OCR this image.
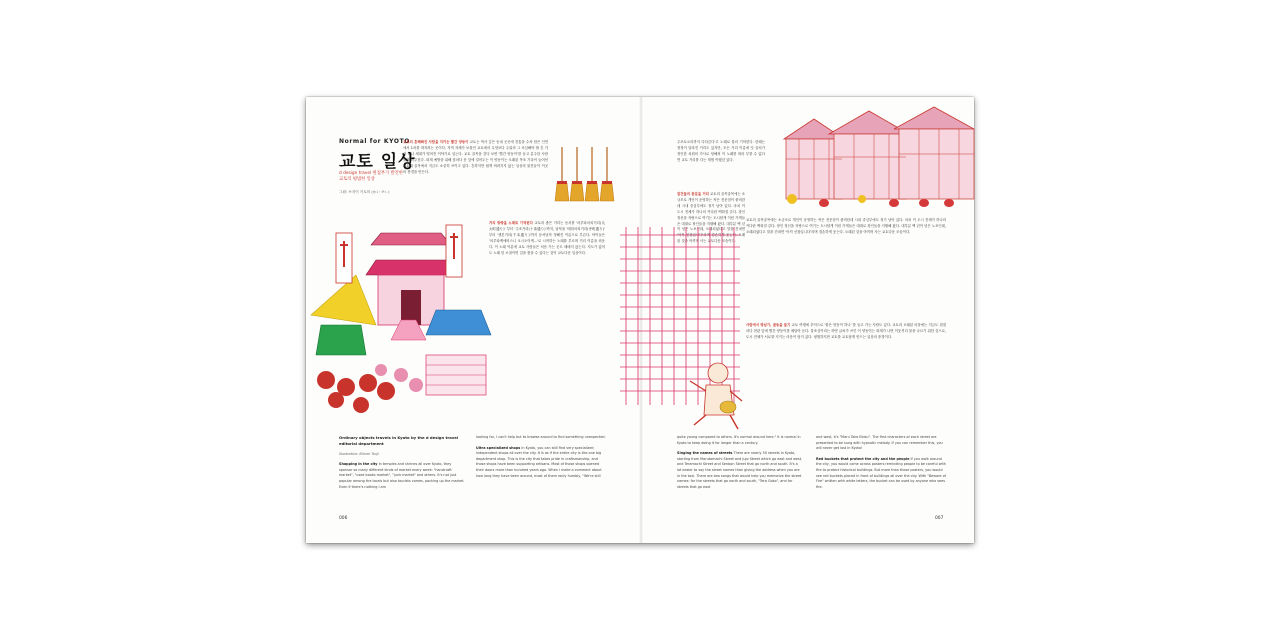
Normal for KYOTO
교토 일상
d design travel 편집부가 발견한 교토의 평범한 일상
그림: 쓰지이 키토미 (かい 쓰ㄴ)
교토의 흔해빠진 사람을 지키는 빨간 양동이 교토는 역사 깊은 동네 곳곳에 전통을 수차 담은 인연에서 1차를 따지려는 곳이다. 지역 자세가 보물인 교토에서 무엇보다 주위의 그 조심해야 할 흔 가락 하나 세대가 떨어진 이야기로 입는다. 교토 골목을 걷다 보면 '빨간 양동이'를 들고 분주한 사람들과 마주친다. 화재 예방을 위해 집마다 문 앞에 걸어두는 이 양동이는 오래된 목조 가옥이 늘어선 교토의 골목에서 지금도 소중히 쓰이고 있다. 흔하지만 쉽게 버려지지 않는 일상의 물건들이 이곳의 풍경을 만든다.
거리 방방을 노래로 기억한다 교토의 좁은 거리는 동서를 '마루타마치거리(丸太町通り)' 부터 '주조거리(十条通り)'까지, 남북을 '테라마치거리(寺町通り)' 부터 '센본거리(千本通り)'까지 동서남북 정해진 이름으로 부른다. 아이들은 '마루타케에비스니 오시오이케...'로 시작하는 노래를 부르며 거리 이름을 외운다. 이 노래 덕분에 교토 사람들은 처음 가는 곳도 헤매지 않는다. 지도가 없어도 노래 한 소절이면 길을 찾을 수 있다는 것이 교토다운 일상이다.
Ordinary objects travels in Kyoto by the d design travel editorial department
Illustration: Kitomi Tsuji
Shopping in the city In temples and shrines all over Kyoto, they sponsor so many different kinds of market every week: "handcraft market", "used books market", "junk market" and others. It's not just popular among the locals but also tourists comes, packing up the market. Even if there's nothing I am
looking for, I can't help but to browse around to find something unexpected.
Ultra specialized shops In Kyoto, you can still find very specialized independent shops all over the city. It is as if the entire city is like one big department shop. This is the city that takes pride in craftsmanship, and those shops have been supporting artisans. Most of those shops opened their doors more than hundred years ago. When I make a comment about how long they have been around, most of them reply humbly, "We're still
006
주조토오리까지 다다른다'고 노래로 불러 기억한다. 한때는 정정이 달라진 거리도 있지만, 모든 거리 이름에 잇 골처가 정인한 치원의 가사로 당해져 이 노래를 따라 부를 수 없다면 교토 거리를 다는 재범 이랬던 있다.
잠건들의 완분을 거리 교토의 골목골목에는 소규모로 개인이 운영하는 작은 전문점이 줄비한데 시내 중심부에도 정기 남아 있다. 마치 이 도시 전체가 하나의 커다란 백화점 같다. 장인 정신을 자랑으로 여기는 도시답게 이런 가게들은 대대로 장인들을 지탱해 왔다. 대부분 백 년이 넘은 노포인데, 오래되었다고 말을 건네면 '아직 신참입니다'라며 겸손하게 웃는다. 오래된 것을 아끼며 사는 교토다운 모습이다.
교토의 골목골목에는 소규모로 개인이 운영하는 작은 전문점이 줄비한데 시내 중심부에도 정기 남아 있다. 마치 이 도시 전체가 하나의 커다란 백화점 같다. 장인 정신을 자랑으로 여기는 도시답게 이런 가게들은 대대로 장인들을 지탱해 왔다. 대부분 백 년이 넘은 노포인데, 오래되었다고 말을 건네면 '아직 신참입니다'라며 겸손하게 웃는다. 오래된 것을 아끼며 사는 교토다운 모습이다.
사람에서 방남기, 골동을 들기 교토 여행에 추억으로 '붉은 양동이 하나' 를 들고 가는 사람도 있다. 교토의 오래된 마을에는 지금도 집집마다 현관 앞에 빨간 양동이를 매달아 둔다. 불조심이라는 하얀 글씨가 쓰인 이 양동이는 화재가 나면 이웃끼리 물을 나르기 위한 것으로, 도시 전체가 서로를 지키는 마음이 담겨 있다. 평범하지만 교토를 교토답게 만드는 일상의 풍경이다.
quite young compared to others. It's normal around here." It is normal in Kyoto to keep doing it for longer than a century.
Singing the names of streets There are nearly 50 streets in Kyoto, starting from Marutamachi Street and Jujo Street which go east and west, and Teramachi Street and Senbon Street that go north and south. It's a lot easier to say the street names than giving the address when you are in the taxi. There are two songs that would help you memorize the street names: for the streets that go north and south, "Tera Goko", and for streets that go east
and west, it's "Maru Take Ebisu". The first characters of each street are presented to be sung with hypnotic melody. If you can remember this, you will never get lost in Kyoto!
Red buckets that protect the city and the people If you walk around the city, you would come across posters reminding people to be careful with fire to protect historical buildings. But more than those posters, you would see red buckets placed in front of buildings all over the city. With "Beware of Fire" written with white letters, the bucket can be used by anyone who sees fire.
007
